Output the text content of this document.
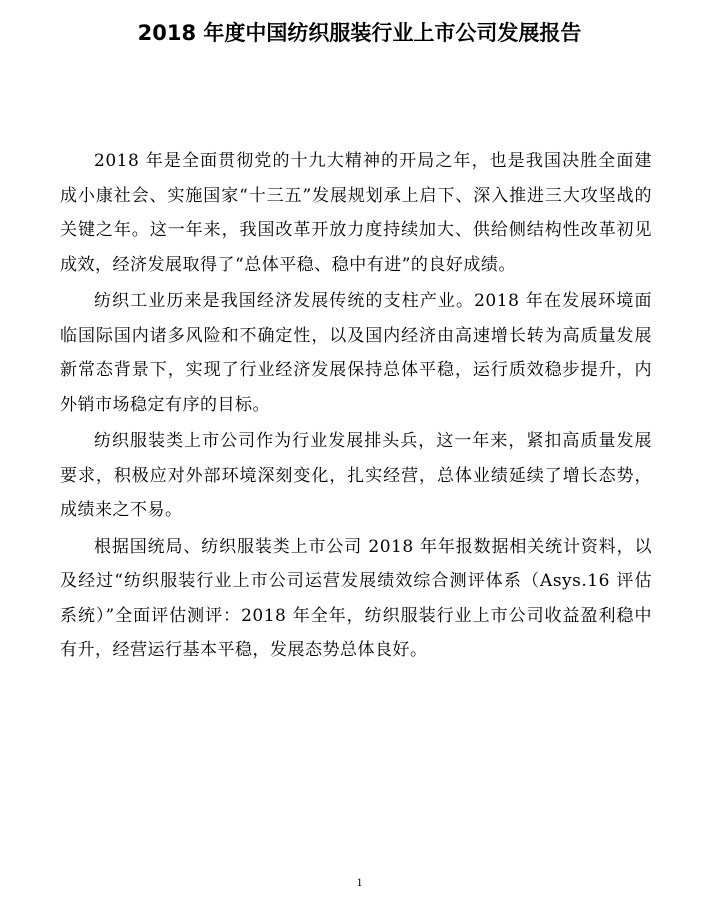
2018 年度中国纺织服装行业上市公司发展报告

2018 年是全面贯彻党的十九大精神的开局之年，也是我国决胜全面建成小康社会、实施国家“十三五”发展规划承上启下、深入推进三大攻坚战的关键之年。这一年来，我国改革开放力度持续加大、供给侧结构性改革初见成效，经济发展取得了“总体平稳、稳中有进”的良好成绩。

纺织工业历来是我国经济发展传统的支柱产业。2018 年在发展环境面临国际国内诸多风险和不确定性，以及国内经济由高速增长转为高质量发展新常态背景下，实现了行业经济发展保持总体平稳，运行质效稳步提升，内外销市场稳定有序的目标。

纺织服装类上市公司作为行业发展排头兵，这一年来，紧扣高质量发展要求，积极应对外部环境深刻变化，扎实经营，总体业绩延续了增长态势，成绩来之不易。

根据国统局、纺织服装类上市公司 2018 年年报数据相关统计资料，以及经过“纺织服装行业上市公司运营发展绩效综合测评体系（Asys.16 评估系统）”全面评估测评：2018 年全年，纺织服装行业上市公司收益盈利稳中有升，经营运行基本平稳，发展态势总体良好。

1
